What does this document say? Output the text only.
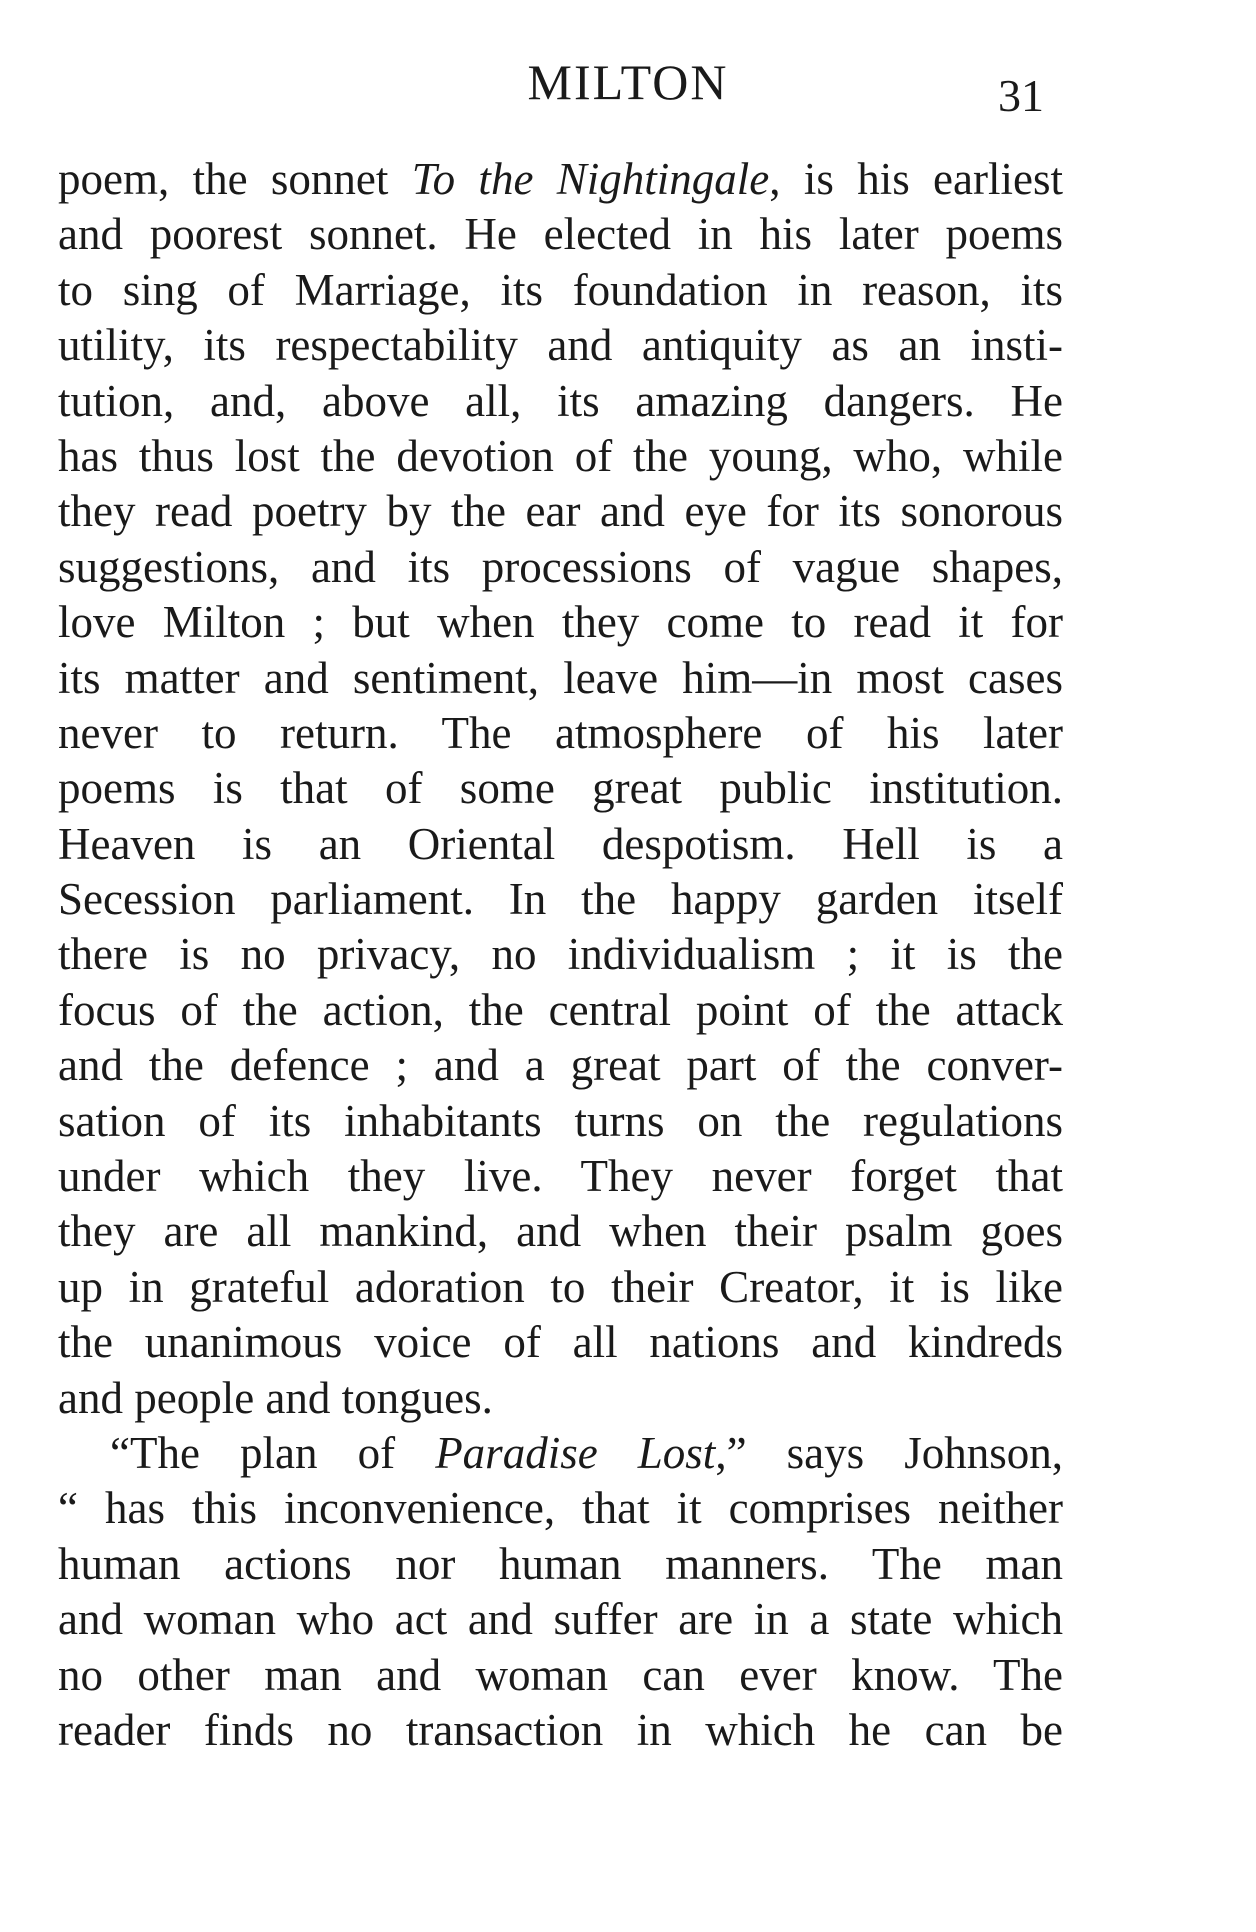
MILTON	31
poem, the sonnet To the Nightingale, is his earliest
and poorest sonnet. He elected in his later poems
to sing of Marriage, its foundation in reason, its
utility, its respectability and antiquity as an insti-
tution, and, above all, its amazing dangers. He
has thus lost the devotion of the young, who, while
they read poetry by the ear and eye for its sonorous
suggestions, and its processions of vague shapes,
love Milton ; but when they come to read it for
its matter and sentiment, leave him—in most cases
never to return. The atmosphere of his later
poems is that of some great public institution.
Heaven is an Oriental despotism. Hell is a
Secession parliament. In the happy garden itself
there is no privacy, no individualism ; it is the
focus of the action, the central point of the attack
and the defence ; and a great part of the conver-
sation of its inhabitants turns on the regulations
under which they live. They never forget that
they are all mankind, and when their psalm goes
up in grateful adoration to their Creator, it is like
the unanimous voice of all nations and kindreds
and people and tongues.
“The plan of Paradise Lost,” says Johnson,
“ has this inconvenience, that it comprises neither
human actions nor human manners. The man
and woman who act and suffer are in a state which
no other man and woman can ever know. The
reader finds no transaction in which he can be
